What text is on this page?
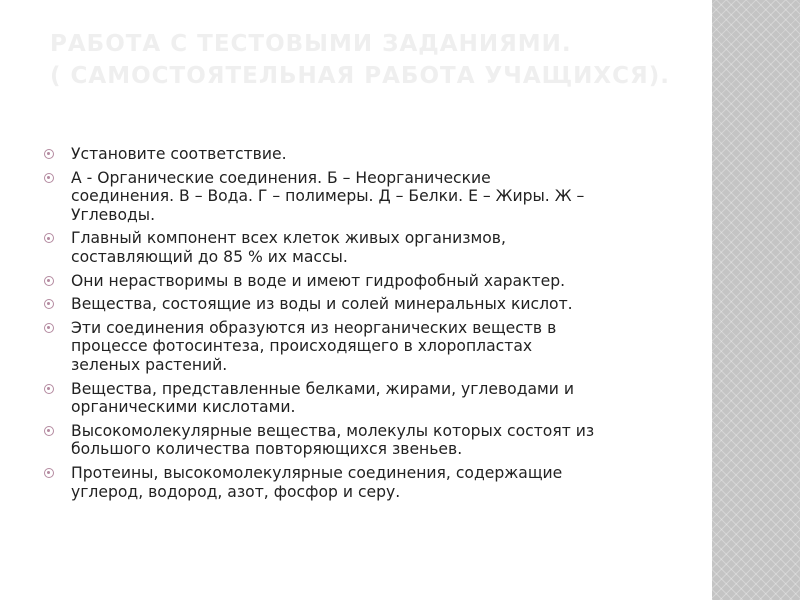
РАБОТА С ТЕСТОВЫМИ ЗАДАНИЯМИ.
( САМОСТОЯТЕЛЬНАЯ РАБОТА УЧАЩИХСЯ).
Установите соответствие.
А - Органические соединения. Б – Неорганические
соединения. В – Вода. Г – полимеры. Д – Белки. Е – Жиры. Ж –
Углеводы.
Главный компонент всех клеток живых организмов,
составляющий до 85 % их массы.
Они нерастворимы в воде и имеют гидрофобный характер.
Вещества, состоящие из воды и солей минеральных кислот.
Эти соединения образуются из неорганических веществ в
процессе фотосинтеза, происходящего в хлоропластах
зеленых растений.
Вещества, представленные белками, жирами, углеводами и
органическими кислотами.
Высокомолекулярные вещества, молекулы которых состоят из
большого количества повторяющихся звеньев.
Протеины, высокомолекулярные соединения, содержащие
углерод, водород, азот, фосфор и серу.
